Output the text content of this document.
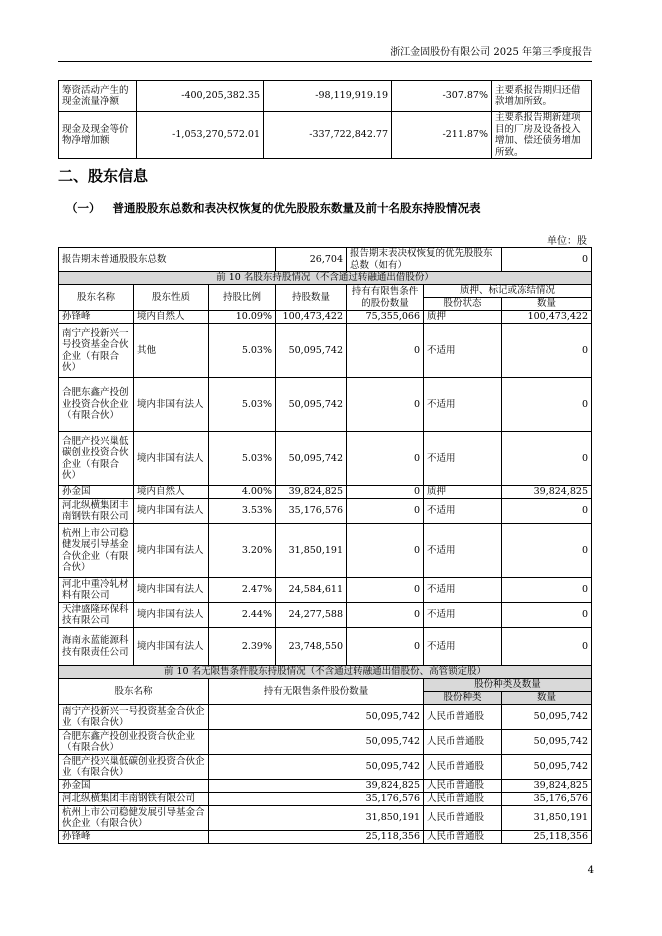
浙江金固股份有限公司 2025 年第三季度报告
筹资活动产生的现金流量净额	-400,205,382.35	-98,119,919.19	-307.87%	主要系报告期归还借款增加所致。
现金及现金等价物净增加额	-1,053,270,572.01	-337,722,842.77	-211.87%	主要系报告期新建项目的厂房及设备投入增加、偿还债务增加所致。
二、股东信息
（一）   普通股股东总数和表决权恢复的优先股股东数量及前十名股东持股情况表
单位：股
报告期末普通股股东总数			26,704	报告期末表决权恢复的优先股股东总数（如有）		0
前 10 名股东持股情况（不含通过转融通出借股份）						
股东名称	股东性质	持股比例	持股数量	持有有限售条件的股份数量	质押、标记或冻结情况	
					股份状态	数量
孙锋峰	境内自然人	10.09%	100,473,422	75,355,066	质押	100,473,422
南宁产投新兴一号投资基金合伙企业（有限合伙）	其他	5.03%	50,095,742	0	不适用	0
合肥东鑫产投创业投资合伙企业（有限合伙）	境内非国有法人	5.03%	50,095,742	0	不适用	0
合肥产投兴巢低碳创业投资合伙企业（有限合伙）	境内非国有法人	5.03%	50,095,742	0	不适用	0
孙金国	境内自然人	4.00%	39,824,825	0	质押	39,824,825
河北纵横集团丰南钢铁有限公司	境内非国有法人	3.53%	35,176,576	0	不适用	0
杭州上市公司稳健发展引导基金合伙企业（有限合伙）	境内非国有法人	3.20%	31,850,191	0	不适用	0
河北中重冷轧材料有限公司	境内非国有法人	2.47%	24,584,611	0	不适用	0
天津盛隆环保科技有限公司	境内非国有法人	2.44%	24,277,588	0	不适用	0
海南永蓝能源科技有限责任公司	境内非国有法人	2.39%	23,748,550	0	不适用	0
前 10 名无限售条件股东持股情况（不含通过转融通出借股份、高管锁定股）						
股东名称		持有无限售条件股份数量			股份种类及数量	
					股份种类	数量
南宁产投新兴一号投资基金合伙企业（有限合伙）		50,095,742			人民币普通股	50,095,742
合肥东鑫产投创业投资合伙企业（有限合伙）		50,095,742			人民币普通股	50,095,742
合肥产投兴巢低碳创业投资合伙企业（有限合伙）		50,095,742			人民币普通股	50,095,742
孙金国		39,824,825			人民币普通股	39,824,825
河北纵横集团丰南钢铁有限公司		35,176,576			人民币普通股	35,176,576
杭州上市公司稳健发展引导基金合伙企业（有限合伙）		31,850,191			人民币普通股	31,850,191
孙锋峰		25,118,356			人民币普通股	25,118,356
4
